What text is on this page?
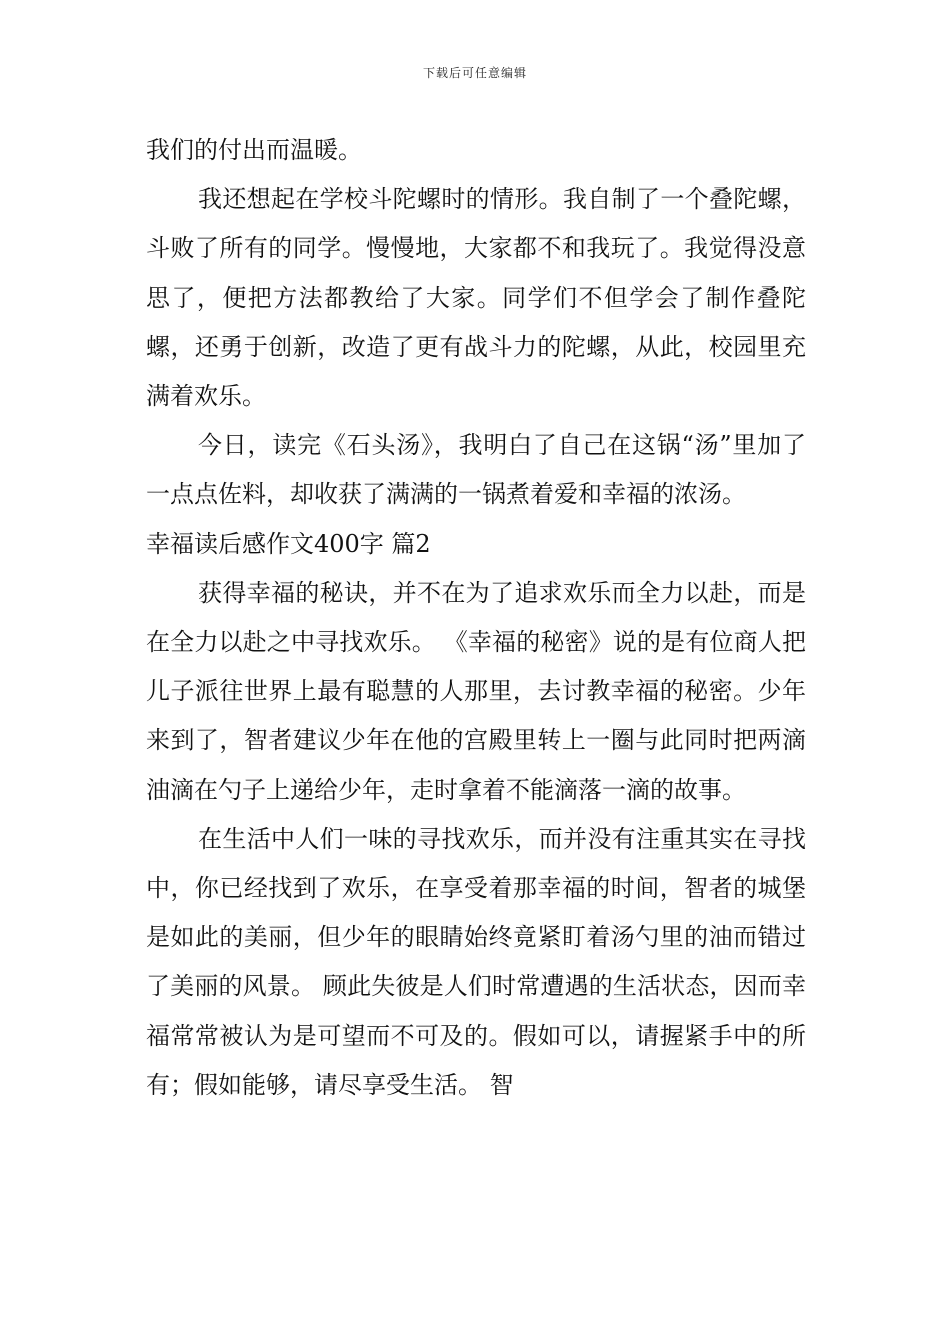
下载后可任意编辑

我们的付出而温暖。

我还想起在学校斗陀螺时的情形。我自制了一个叠陀螺，斗败了所有的同学。慢慢地，大家都不和我玩了。我觉得没意思了，便把方法都教给了大家。同学们不但学会了制作叠陀螺，还勇于创新，改造了更有战斗力的陀螺，从此，校园里充满着欢乐。

今日，读完《石头汤》，我明白了自己在这锅“汤”里加了一点点佐料，却收获了满满的一锅煮着爱和幸福的浓汤。

幸福读后感作文400字 篇2

获得幸福的秘诀，并不在为了追求欢乐而全力以赴，而是在全力以赴之中寻找欢乐。 《幸福的秘密》说的是有位商人把儿子派往世界上最有聪慧的人那里，去讨教幸福的秘密。少年来到了，智者建议少年在他的宫殿里转上一圈与此同时把两滴油滴在勺子上递给少年，走时拿着不能滴落一滴的故事。

在生活中人们一味的寻找欢乐，而并没有注重其实在寻找中，你已经找到了欢乐，在享受着那幸福的时间，智者的城堡是如此的美丽，但少年的眼睛始终竟紧盯着汤勺里的油而错过了美丽的风景。 顾此失彼是人们时常遭遇的生活状态，因而幸福常常被认为是可望而不可及的。假如可以，请握紧手中的所有；假如能够，请尽享受生活。 智
